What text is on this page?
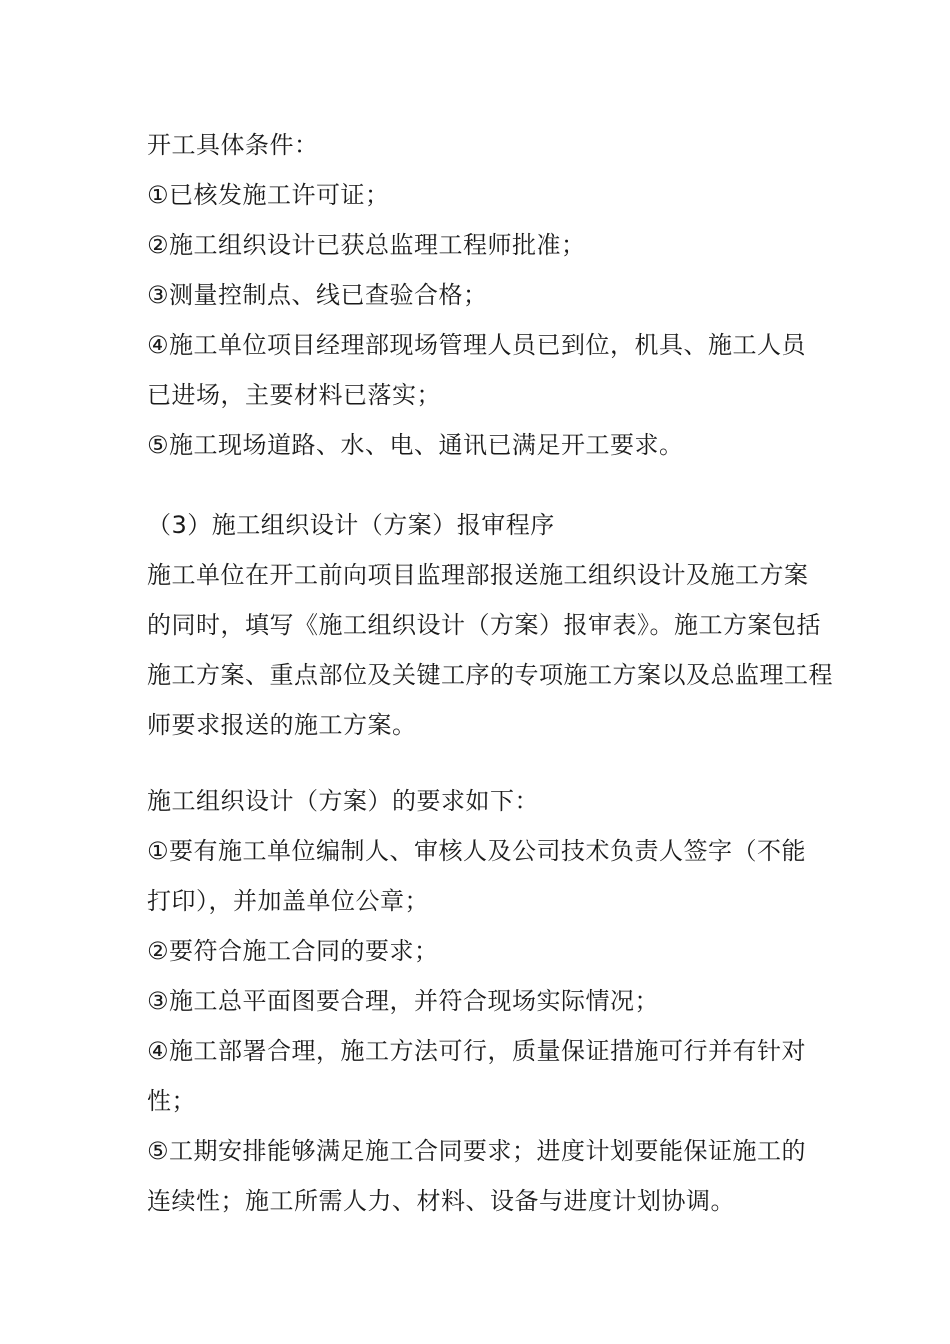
开工具体条件：
①已核发施工许可证；
②施工组织设计已获总监理工程师批准；
③测量控制点、线已查验合格；
④施工单位项目经理部现场管理人员已到位，机具、施工人员
已进场，主要材料已落实；
⑤施工现场道路、水、电、通讯已满足开工要求。
（3）施工组织设计（方案）报审程序
施工单位在开工前向项目监理部报送施工组织设计及施工方案
的同时，填写《施工组织设计（方案）报审表》。施工方案包括
施工方案、重点部位及关键工序的专项施工方案以及总监理工程
师要求报送的施工方案。
施工组织设计（方案）的要求如下：
①要有施工单位编制人、审核人及公司技术负责人签字（不能
打印），并加盖单位公章；
②要符合施工合同的要求；
③施工总平面图要合理，并符合现场实际情况；
④施工部署合理，施工方法可行，质量保证措施可行并有针对
性；
⑤工期安排能够满足施工合同要求；进度计划要能保证施工的
连续性；施工所需人力、材料、设备与进度计划协调。
